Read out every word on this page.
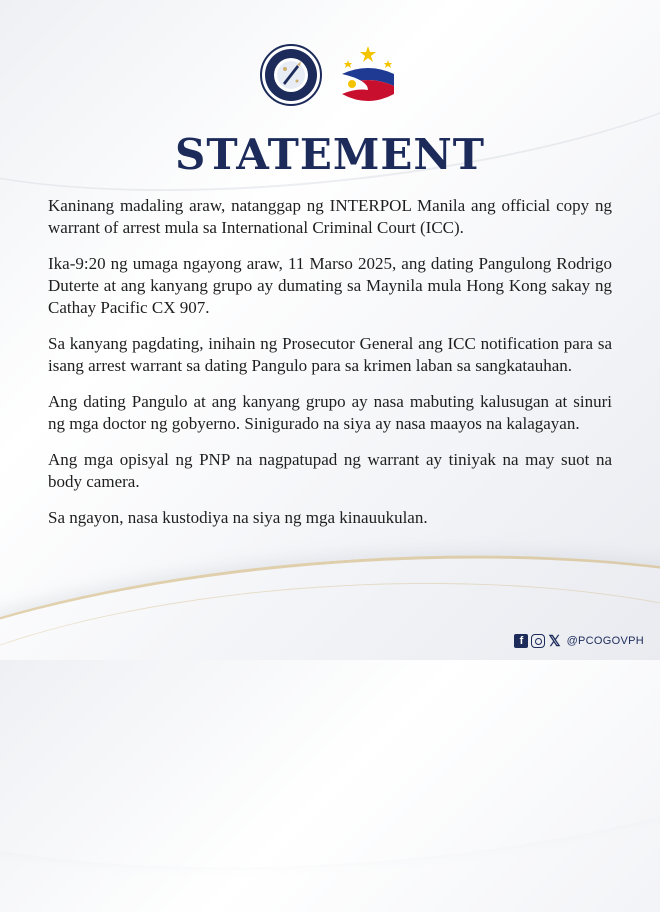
STATEMENT

Kaninang madaling araw, natanggap ng INTERPOL Manila ang official copy ng warrant of arrest mula sa International Criminal Court (ICC).

Ika-9:20 ng umaga ngayong araw, 11 Marso 2025, ang dating Pangulong Rodrigo Duterte at ang kanyang grupo ay dumating sa Maynila mula Hong Kong sakay ng Cathay Pacific CX 907.

Sa kanyang pagdating, inihain ng Prosecutor General ang ICC notification para sa isang arrest warrant sa dating Pangulo para sa krimen laban sa sangkatauhan.

Ang dating Pangulo at ang kanyang grupo ay nasa mabuting kalusugan at sinuri ng mga doctor ng gobyerno. Sinigurado na siya ay nasa maayos na kalagayan.

Ang mga opisyal ng PNP na nagpatupad ng warrant ay tiniyak na may suot na body camera.

Sa ngayon, nasa kustodiya na siya ng mga kinauukulan.

f	𝕏 @PCOGOVPH
